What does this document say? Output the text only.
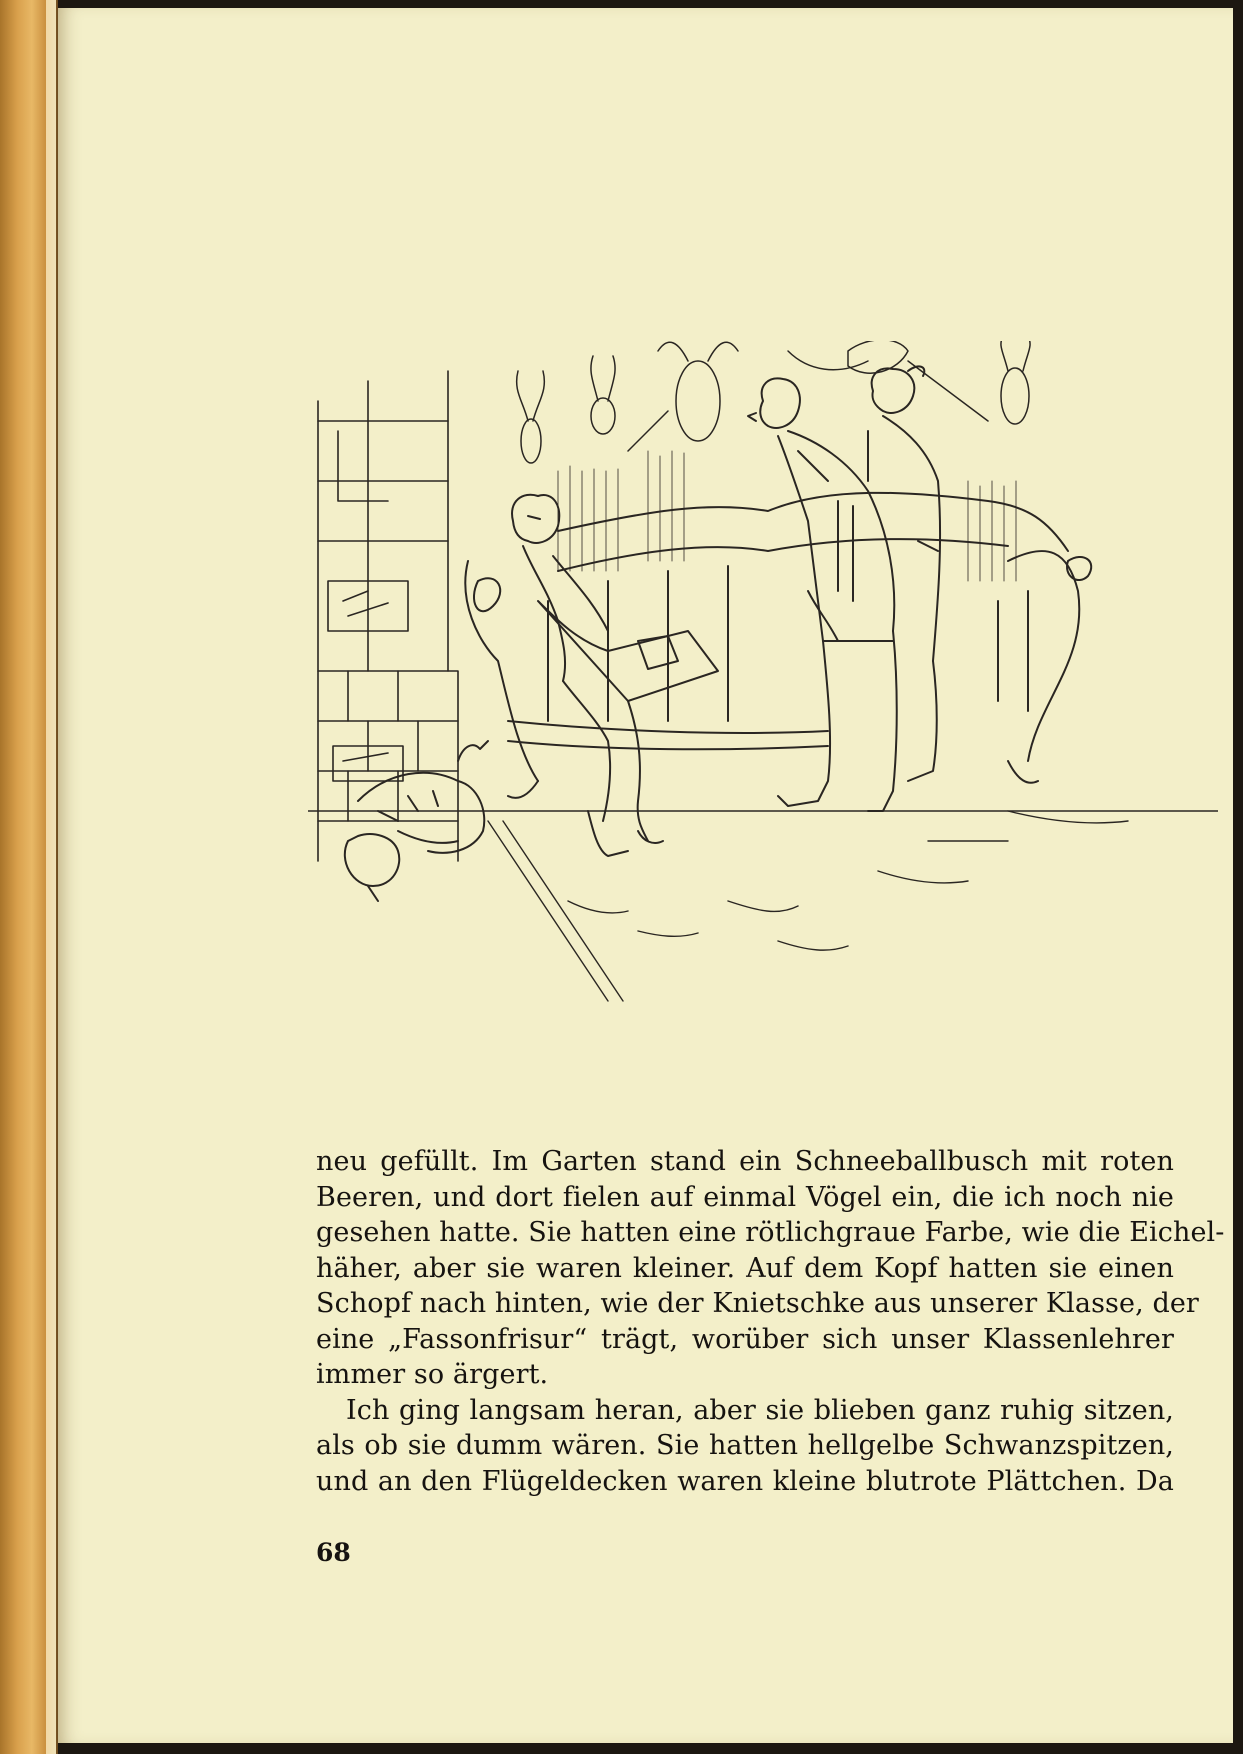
neu gefüllt. Im Garten stand ein Schneeballbusch mit roten
Beeren, und dort fielen auf einmal Vögel ein, die ich noch nie
gesehen hatte. Sie hatten eine rötlichgraue Farbe, wie die Eichel-
häher, aber sie waren kleiner. Auf dem Kopf hatten sie einen
Schopf nach hinten, wie der Knietschke aus unserer Klasse, der
eine „Fassonfrisur“ trägt, worüber sich unser Klassenlehrer
immer so ärgert.

Ich ging langsam heran, aber sie blieben ganz ruhig sitzen,
als ob sie dumm wären. Sie hatten hellgelbe Schwanzspitzen,
und an den Flügeldecken waren kleine blutrote Plättchen. Da

68
